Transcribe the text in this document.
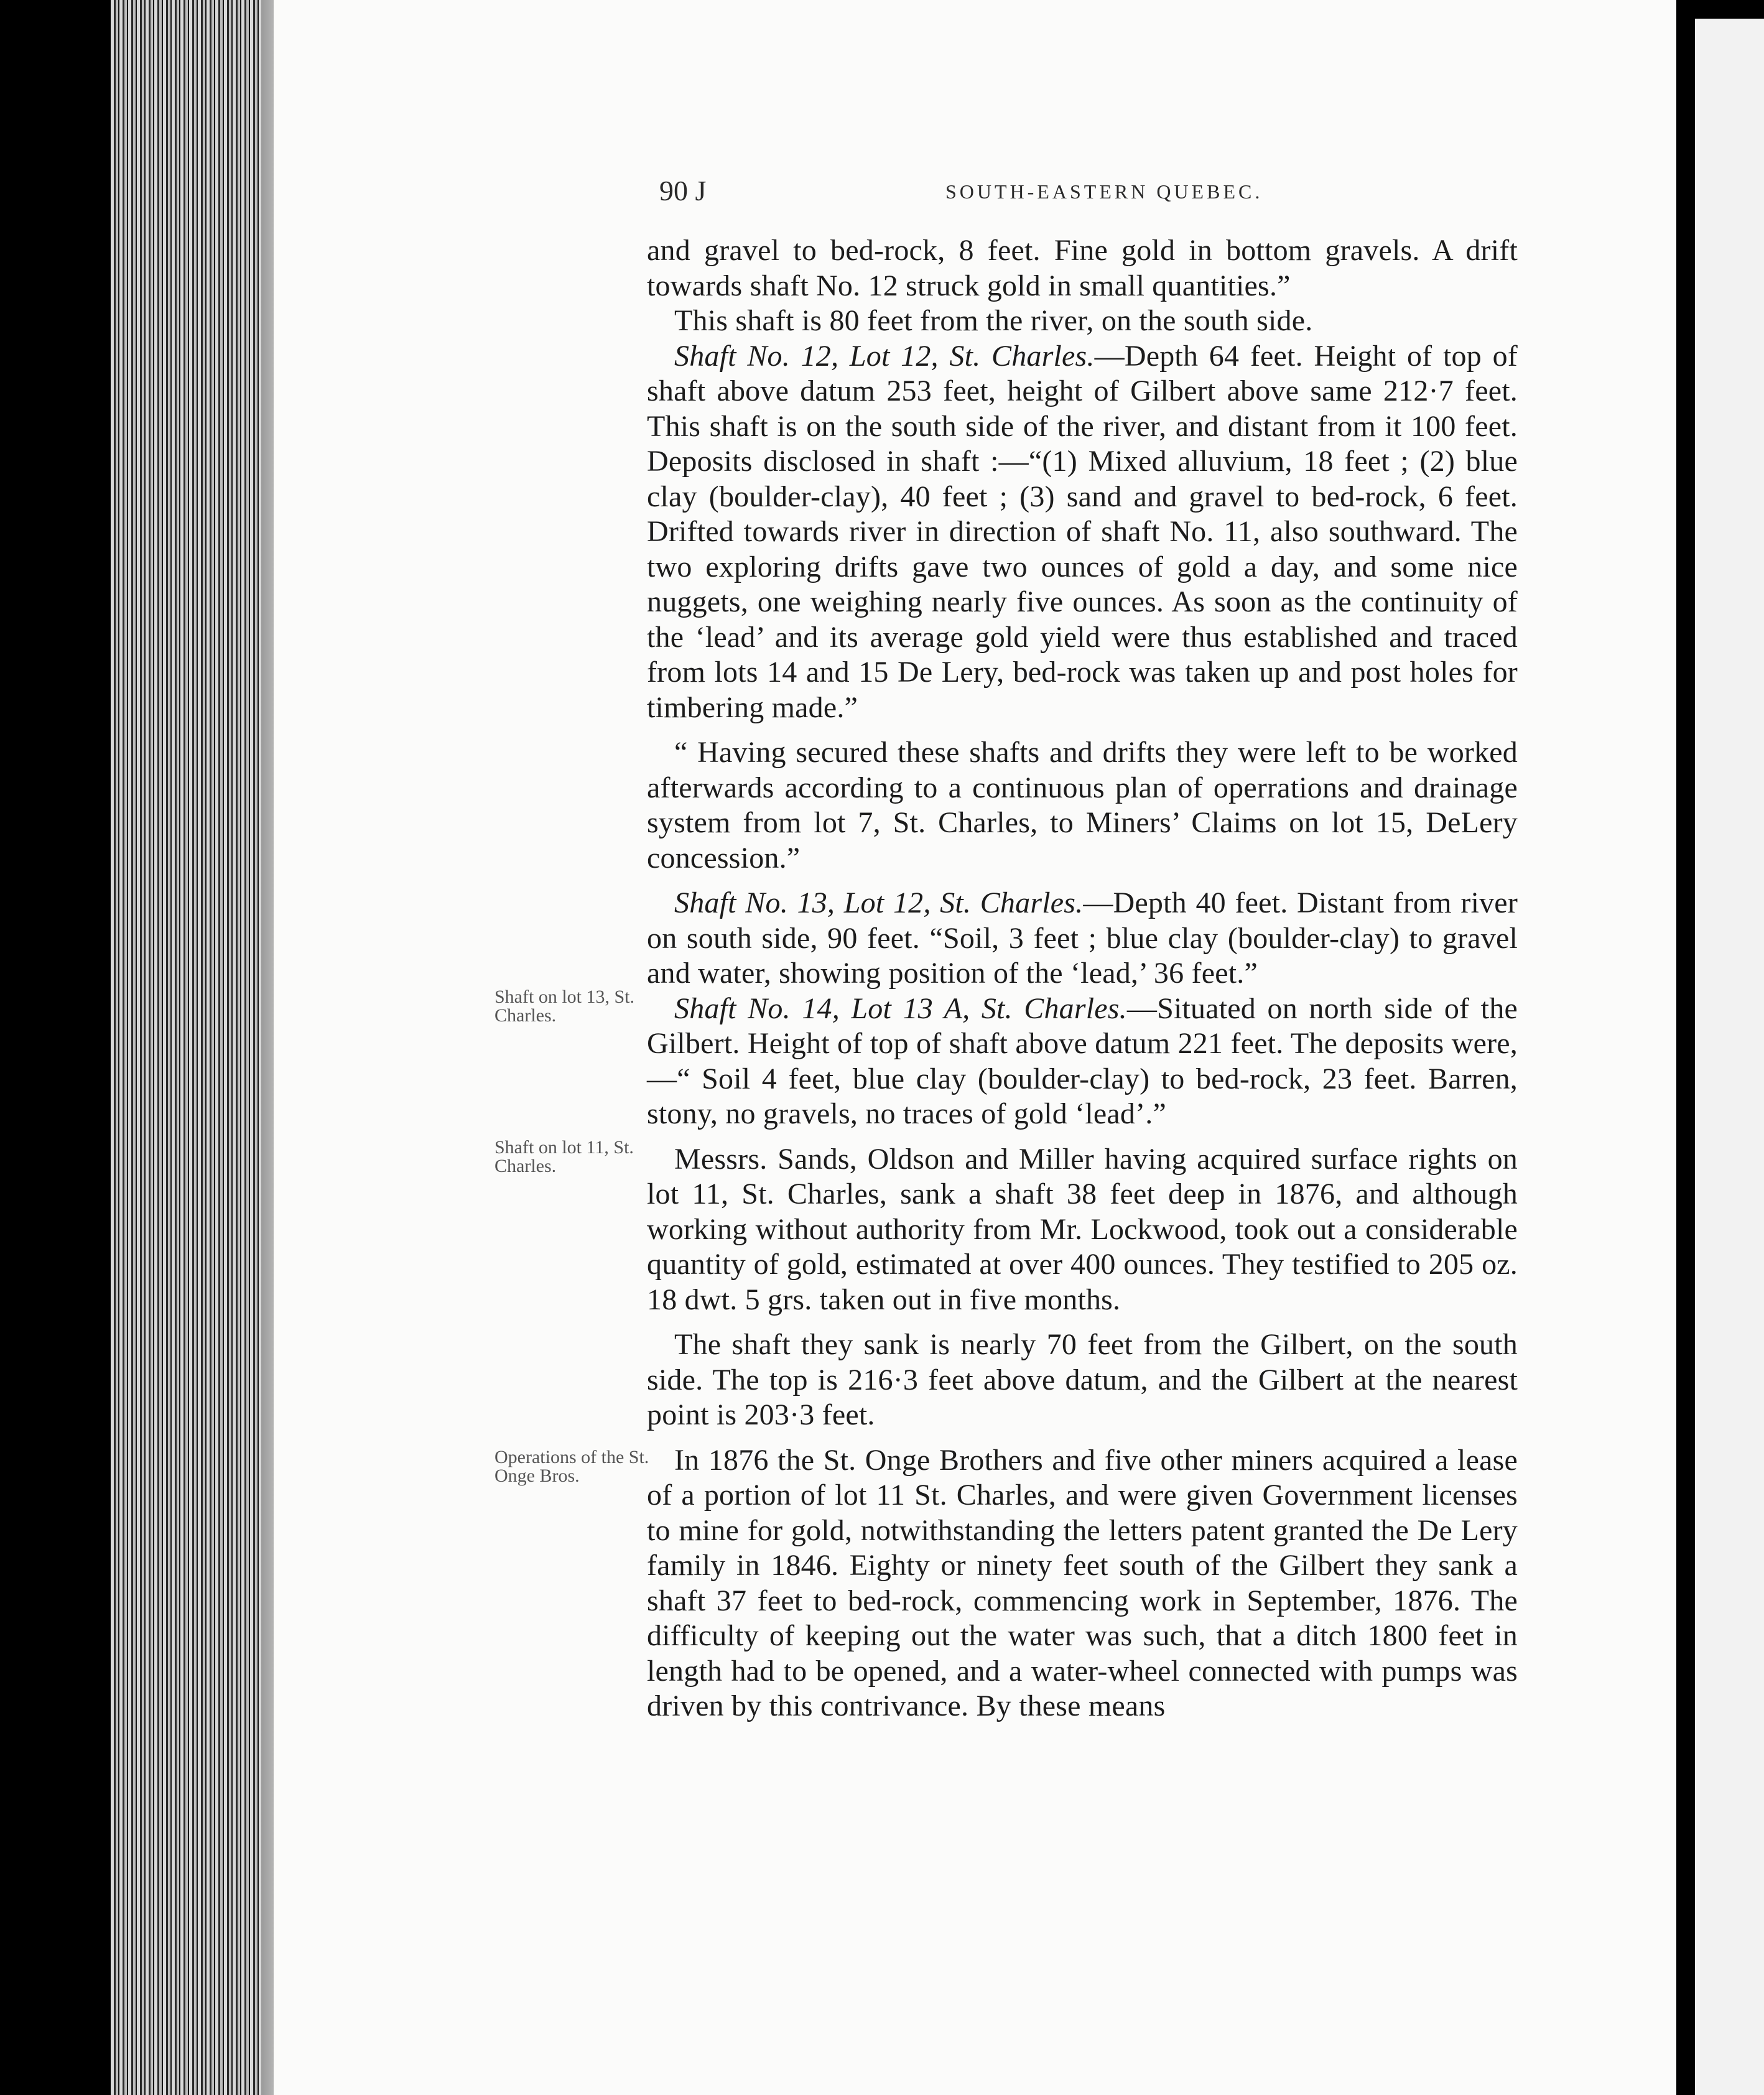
90 J	SOUTH-EASTERN QUEBEC.
Shaft on lot 13, St. Charles.
Shaft on lot 11, St. Charles.
Operations of the St. Onge Bros.

and gravel to bed-rock, 8 feet. Fine gold in bottom gravels. A drift towards shaft No. 12 struck gold in small quantities.”

This shaft is 80 feet from the river, on the south side.

Shaft No. 12, Lot 12, St. Charles.—Depth 64 feet. Height of top of shaft above datum 253 feet, height of Gilbert above same 212·7 feet. This shaft is on the south side of the river, and distant from it 100 feet. Deposits disclosed in shaft :—“(1) Mixed alluvium, 18 feet ; (2) blue clay (boulder-clay), 40 feet ; (3) sand and gravel to bed-rock, 6 feet. Drifted towards river in direction of shaft No. 11, also southward. The two exploring drifts gave two ounces of gold a day, and some nice nuggets, one weighing nearly five ounces. As soon as the continuity of the ‘lead’ and its average gold yield were thus established and traced from lots 14 and 15 De Lery, bed-rock was taken up and post holes for timbering made.”

“ Having secured these shafts and drifts they were left to be worked afterwards according to a continuous plan of operrations and drainage system from lot 7, St. Charles, to Miners’ Claims on lot 15, DeLery concession.”

Shaft No. 13, Lot 12, St. Charles.—Depth 40 feet. Distant from river on south side, 90 feet. “Soil, 3 feet ; blue clay (boulder-clay) to gravel and water, showing position of the ‘lead,’ 36 feet.”

Shaft No. 14, Lot 13 A, St. Charles.—Situated on north side of the Gilbert. Height of top of shaft above datum 221 feet. The deposits were,—“ Soil 4 feet, blue clay (boulder-clay) to bed-rock, 23 feet. Barren, stony, no gravels, no traces of gold ‘lead’.”

Messrs. Sands, Oldson and Miller having acquired surface rights on lot 11, St. Charles, sank a shaft 38 feet deep in 1876, and although working without authority from Mr. Lockwood, took out a considerable quantity of gold, estimated at over 400 ounces. They testified to 205 oz. 18 dwt. 5 grs. taken out in five months.

The shaft they sank is nearly 70 feet from the Gilbert, on the south side. The top is 216·3 feet above datum, and the Gilbert at the nearest point is 203·3 feet.

In 1876 the St. Onge Brothers and five other miners acquired a lease of a portion of lot 11 St. Charles, and were given Government licenses to mine for gold, notwithstanding the letters patent granted the De Lery family in 1846. Eighty or ninety feet south of the Gilbert they sank a shaft 37 feet to bed-rock, commencing work in September, 1876. The difficulty of keeping out the water was such, that a ditch 1800 feet in length had to be opened, and a water-wheel connected with pumps was driven by this contrivance. By these means
